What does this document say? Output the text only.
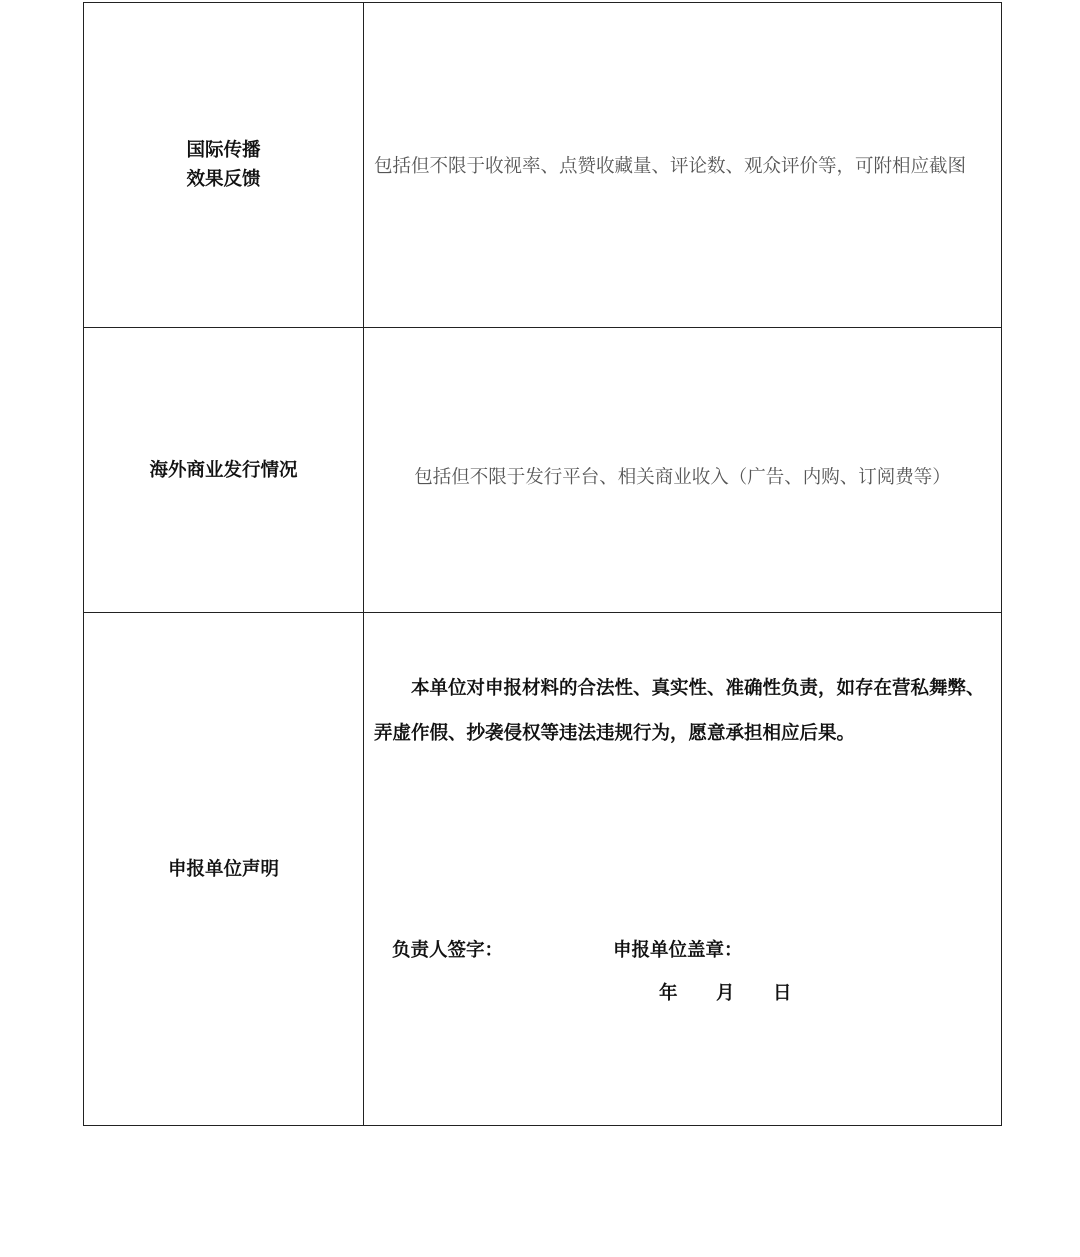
国际传播
效果反馈
包括但不限于收视率、点赞收藏量、评论数、观众评价等，可附相应截图
海外商业发行情况	包括但不限于发行平台、相关商业收入（广告、内购、订阅费等）
申报单位声明
本单位对申报材料的合法性、真实性、准确性负责，如存在营私舞弊、
弄虚作假、抄袭侵权等违法违规行为，愿意承担相应后果。
负责人签字：	申报单位盖章：
年 月 日
